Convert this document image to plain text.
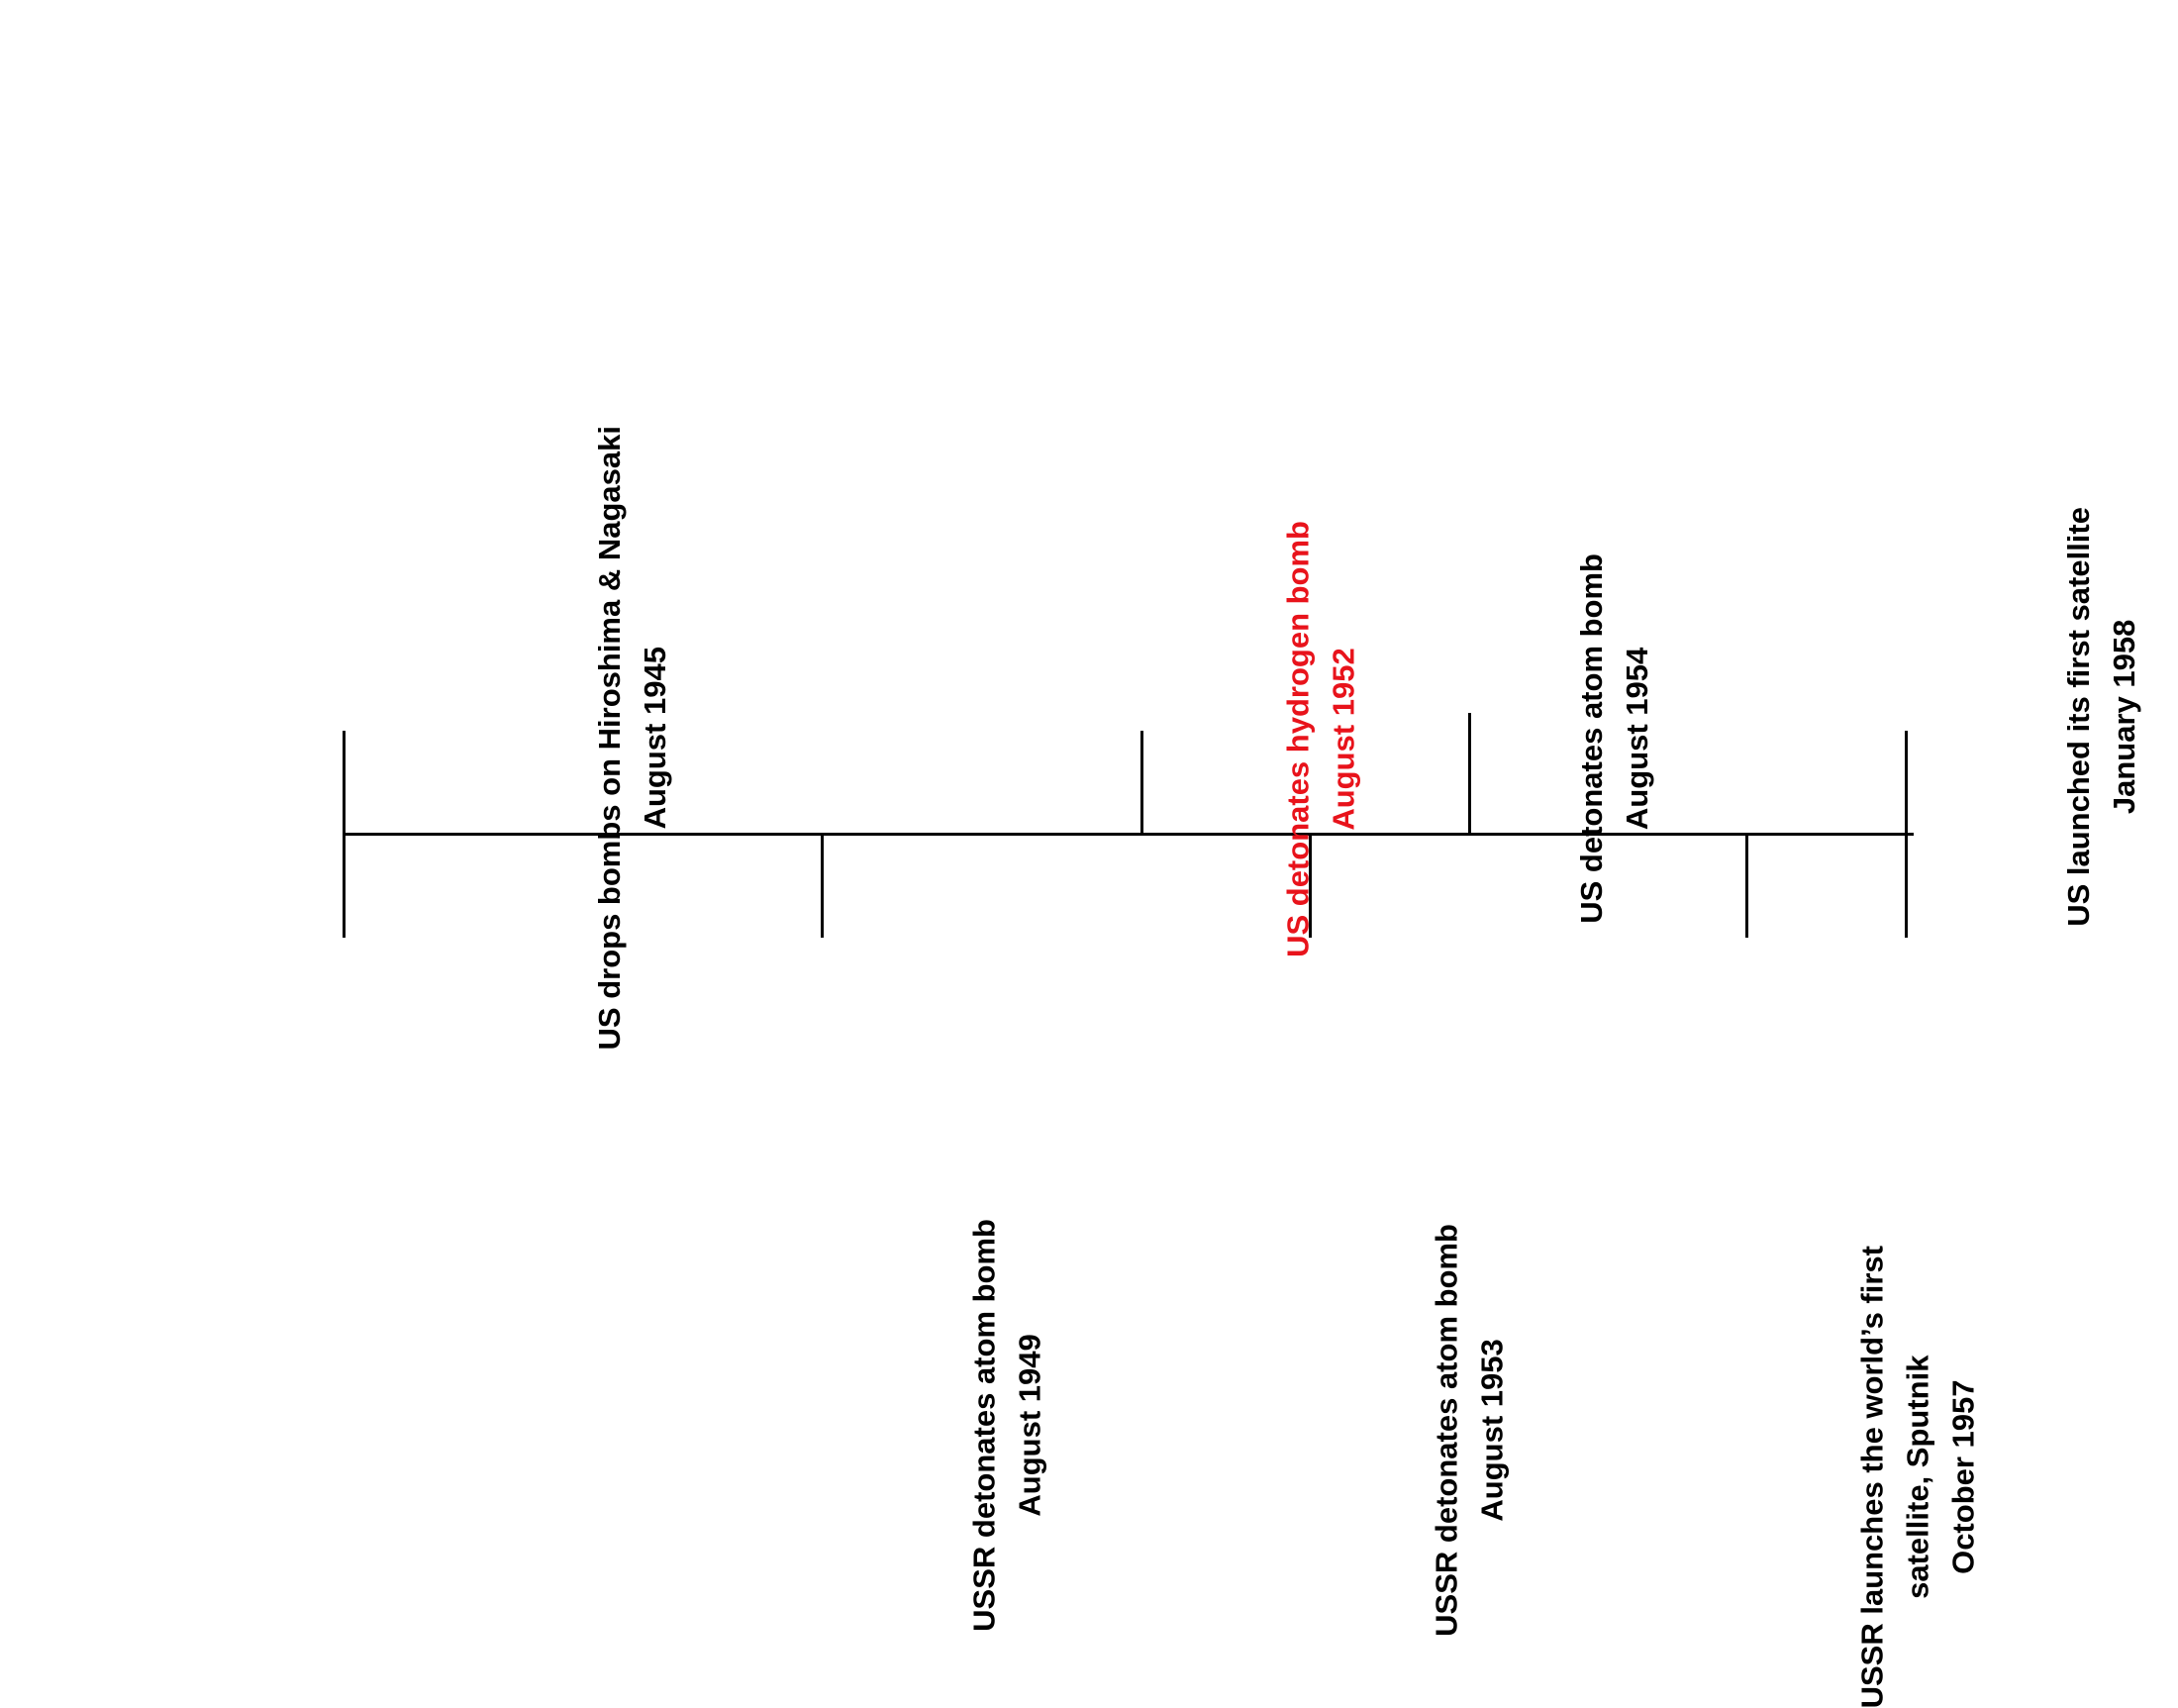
US drops bombs on Hiroshima & Nagasaki August 1945
USSR detonates atom bomb August 1949
US detonates hydrogen bomb August 1952
USSR detonates atom bomb August 1953
US detonates atom bomb August 1954
USSR launches the world’s first satellite, Sputnik October 1957
US launched its first satellite January 1958
